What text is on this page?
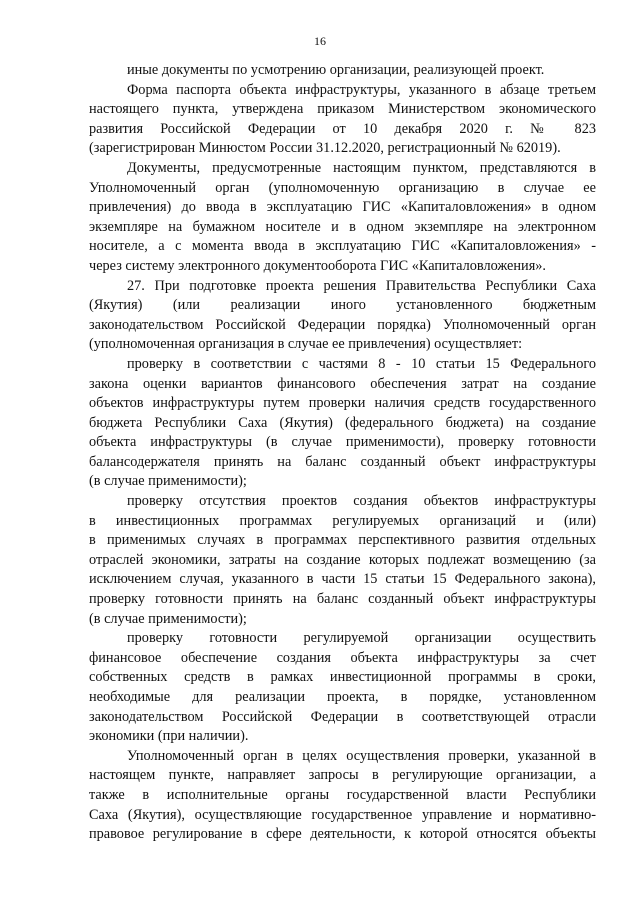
16
иные документы по усмотрению организации, реализующей проект.
Форма паспорта объекта инфраструктуры, указанного в абзаце третьем
настоящего пункта, утверждена приказом Министерством экономического
развития Российской Федерации от 10 декабря 2020 г. № 823
(зарегистрирован Минюстом России 31.12.2020, регистрационный № 62019).
Документы, предусмотренные настоящим пунктом, представляются в
Уполномоченный орган (уполномоченную организацию в случае ее
привлечения) до ввода в эксплуатацию ГИС «Капиталовложения» в одном
экземпляре на бумажном носителе и в одном экземпляре на электронном
носителе, а с момента ввода в эксплуатацию ГИС «Капиталовложения» -
через систему электронного документооборота ГИС «Капиталовложения».
27. При подготовке проекта решения Правительства Республики Саха
(Якутия) (или реализации иного установленного бюджетным
законодательством Российской Федерации порядка) Уполномоченный орган
(уполномоченная организация в случае ее привлечения) осуществляет:
проверку в соответствии с частями 8 - 10 статьи 15 Федерального
закона оценки вариантов финансового обеспечения затрат на создание
объектов инфраструктуры путем проверки наличия средств государственного
бюджета Республики Саха (Якутия) (федерального бюджета) на создание
объекта инфраструктуры (в случае применимости), проверку готовности
балансодержателя принять на баланс созданный объект инфраструктуры
(в случае применимости);
проверку отсутствия проектов создания объектов инфраструктуры
в инвестиционных программах регулируемых организаций и (или)
в применимых случаях в программах перспективного развития отдельных
отраслей экономики, затраты на создание которых подлежат возмещению (за
исключением случая, указанного в части 15 статьи 15 Федерального закона),
проверку готовности принять на баланс созданный объект инфраструктуры
(в случае применимости);
проверку готовности регулируемой организации осуществить
финансовое обеспечение создания объекта инфраструктуры за счет
собственных средств в рамках инвестиционной программы в сроки,
необходимые для реализации проекта, в порядке, установленном
законодательством Российской Федерации в соответствующей отрасли
экономики (при наличии).
Уполномоченный орган в целях осуществления проверки, указанной в
настоящем пункте, направляет запросы в регулирующие организации, а
также в исполнительные органы государственной власти Республики
Саха (Якутия), осуществляющие государственное управление и нормативно-
правовое регулирование в сфере деятельности, к которой относятся объекты
